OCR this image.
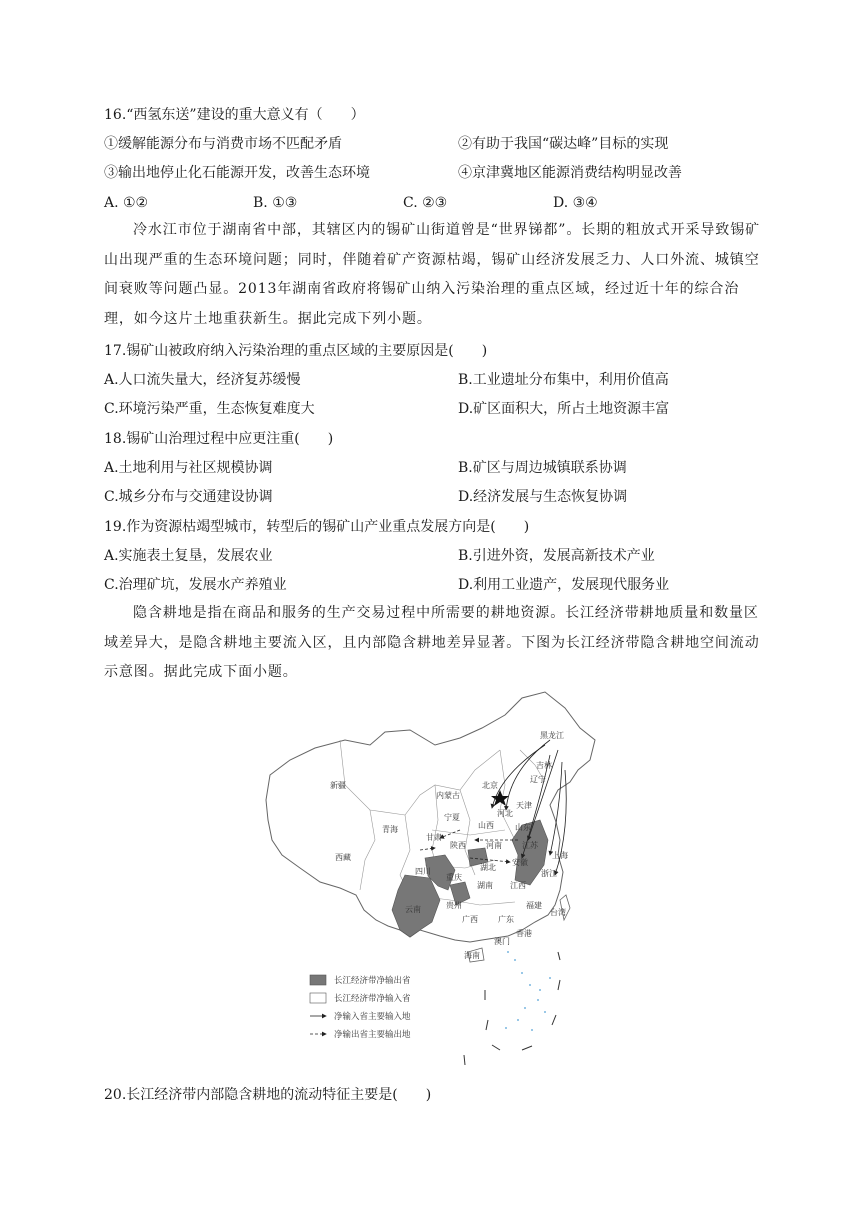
16.“西氢东送”建设的重大意义有（　　）
①缓解能源分布与消费市场不匹配矛盾	②有助于我国“碳达峰”目标的实现
③输出地停止化石能源开发，改善生态环境	④京津冀地区能源消费结构明显改善
A. ①②	B. ①③	C. ②③	D. ③④
冷水江市位于湖南省中部，其辖区内的锡矿山街道曾是“世界锑都”。长期的粗放式开采导致锡矿山出现严重的生态环境问题；同时，伴随着矿产资源枯竭，锡矿山经济发展乏力、人口外流、城镇空间衰败等问题凸显。2013年湖南省政府将锡矿山纳入污染治理的重点区域，经过近十年的综合治理，如今这片土地重获新生。据此完成下列小题。
17.锡矿山被政府纳入污染治理的重点区域的主要原因是(　　)
A.人口流失量大，经济复苏缓慢	B.工业遗址分布集中，利用价值高
C.环境污染严重，生态恢复难度大	D.矿区面积大，所占土地资源丰富
18.锡矿山治理过程中应更注重(　　)
A.土地利用与社区规模协调	B.矿区与周边城镇联系协调
C.城乡分布与交通建设协调	D.经济发展与生态恢复协调
19.作为资源枯竭型城市，转型后的锡矿山产业重点发展方向是(　　)
A.实施表土复垦，发展农业	B.引进外资，发展高新技术产业
C.治理矿坑，发展水产养殖业	D.利用工业遗产，发展现代服务业
隐含耕地是指在商品和服务的生产交易过程中所需要的耕地资源。长江经济带耕地质量和数量区域差异大，是隐含耕地主要流入区，且内部隐含耕地差异显著。下图为长江经济带隐含耕地空间流动示意图。据此完成下面小题。
黑龙江
吉林
辽宁
北京
天津
河北
内蒙古
新疆
宁夏
山西	山东
青海
甘肃
陕西	河南	江苏
上海
安徽
西藏
四川
重庆
湖北
浙江
湖南 江西
贵州
云南	福建
台湾
广西	广东
香港
澳门
海南
长江经济带净输出省
长江经济带净输入省
净输入省主要输入地
净输出省主要输出地
20.长江经济带内部隐含耕地的流动特征主要是(　　)
